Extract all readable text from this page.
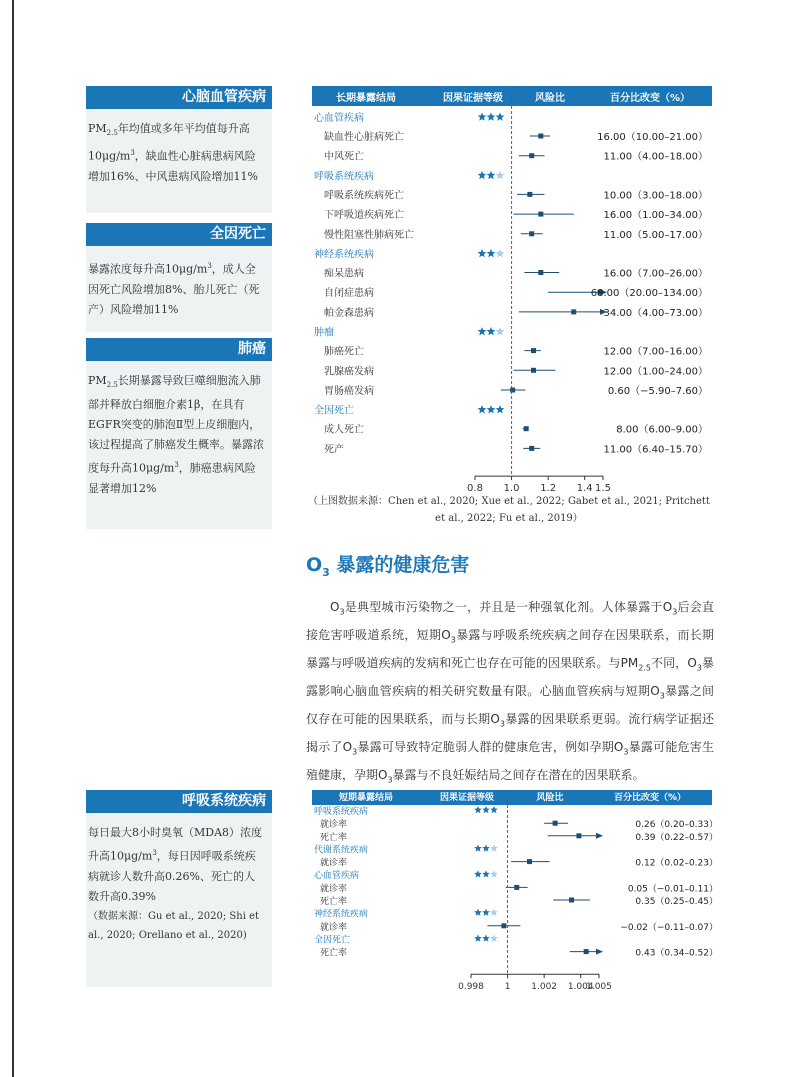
心脑血管疾病
$PM_{2.5}$年均值或多年平均值每升高$10\mu g/m^3$，缺血性心脏病患病风险增加16%、中风患病风险增加11%
全因死亡
暴露浓度每升高$10\mu g/m^3$，成人全因死亡风险增加8%、胎儿死亡（死产）风险增加11%
肺癌
$PM_{2.5}$长期暴露导致巨噬细胞流入肺部并释放白细胞介素1β，在具有EGFR突变的肺泡Ⅱ型上皮细胞内，该过程提高了肺癌发生概率。暴露浓度每升高$10\mu g/m^3$，肺癌患病风险显著增加12%
呼吸系统疾病
每日最大8小时臭氧（MDA8）浓度升高$10\mu g/m^3$，每日因呼吸系统疾病就诊人数升高0.26%、死亡的人数升高0.39%
（数据来源：Gu et al., 2020; Shi et al., 2020; Orellano et al., 2020)
长期暴露结局	因果证据等级	风险比	百分比改变（%）
心血管疾病
缺血性心脏病死亡	16.00（10.00–21.00）
中风死亡	11.00（4.00–18.00）
呼吸系统疾病
呼吸系统疾病死亡	10.00（3.00–18.00）
下呼吸道疾病死亡	16.00（1.00–34.00）
慢性阻塞性肺病死亡	11.00（5.00–17.00）
神经系统疾病
痴呆患病	16.00（7.00–26.00）
自闭症患病	68.00（20.00–134.00）
帕金森患病	34.00（4.00–73.00）
肿瘤
肺癌死亡	12.00（7.00–16.00）
乳腺癌发病	12.00（1.00–24.00）
胃肠癌发病	0.60（−5.90–7.60）
全因死亡
成人死亡	8.00（6.00–9.00）
死产	11.00（6.40–15.70）
0.8 1.0 1.2 1.4 1.5
（上图数据来源：Chen et al., 2020; Xue et al., 2022; Gabet et al., 2021; Pritchett et al., 2022; Fu et al., 2019）
$O_3$ 暴露的健康危害
$O_3$是典型城市污染物之一，并且是一种强氧化剂。人体暴露于$O_3$后会直接危害呼吸道系统，短期$O_3$暴露与呼吸系统疾病之间存在因果联系，而长期暴露与呼吸道疾病的发病和死亡也存在可能的因果联系。与$PM_{2.5}$不同，$O_3$暴露影响心脑血管疾病的相关研究数量有限。心脑血管疾病与短期$O_3$暴露之间仅存在可能的因果联系，而与长期$O_3$暴露的因果联系更弱。流行病学证据还揭示了$O_3$暴露可导致特定脆弱人群的健康危害，例如孕期$O_3$暴露可能危害生殖健康，孕期$O_3$暴露与不良妊娠结局之间存在潜在的因果联系。
短期暴露结局	因果证据等级	风险比	百分比改变（%）
呼吸系统疾病
就诊率	0.26（0.20–0.33）
死亡率	0.39（0.22–0.57）
代谢系统疾病
就诊率	0.12（0.02–0.23）
心血管疾病
就诊率	0.05（−0.01–0.11）
死亡率	0.35（0.25–0.45）
神经系统疾病
就诊率	−0.02（−0.11–0.07）
全因死亡
死亡率	0.43（0.34–0.52）
0.998 1 1.002 1.004
1.005
